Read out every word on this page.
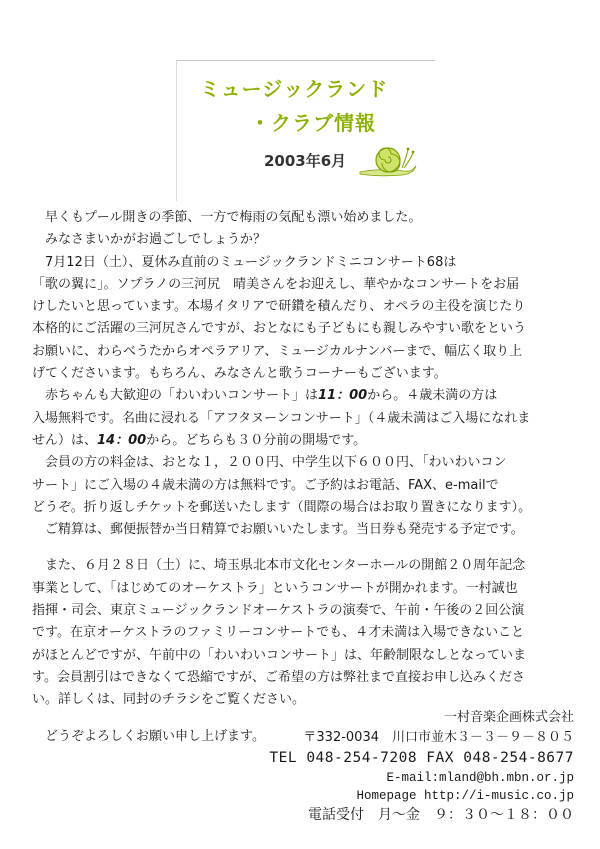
ミュージックランド
・クラブ情報
2003年6月
早くもプール開きの季節、一方で梅雨の気配も漂い始めました。
みなさまいかがお過ごしでしょうか？
7月12日（土）、夏休み直前のミュージックランドミニコンサート68は
「歌の翼に」。ソプラノの三河尻　晴美さんをお迎えし、華やかなコンサートをお届
けしたいと思っています。本場イタリアで研鑽を積んだり、オペラの主役を演じたり
本格的にご活躍の三河尻さんですが、おとなにも子どもにも親しみやすい歌をという
お願いに、わらべうたからオペラアリア、ミュージカルナンバーまで、幅広く取り上
げてくださいます。もちろん、みなさんと歌うコーナーもございます。
赤ちゃんも大歓迎の「わいわいコンサート」は11：00から。４歳未満の方は
入場無料です。名曲に浸れる「アフタヌーンコンサート」（４歳未満はご入場になれま
せん）は、14：00から。どちらも３０分前の開場です。
会員の方の料金は、おとな１，２００円、中学生以下６００円、「わいわいコン
サート」にご入場の４歳未満の方は無料です。ご予約はお電話、FAX、e-mailで
どうぞ。折り返しチケットを郵送いたします（間際の場合はお取り置きになります）。
ご精算は、郵便振替か当日精算でお願いいたします。当日券も発売する予定です。
また、６月２８日（土）に、埼玉県北本市文化センターホールの開館２０周年記念
事業として、「はじめてのオーケストラ」というコンサートが開かれます。一村誠也
指揮・司会、東京ミュージックランドオーケストラの演奏で、午前・午後の２回公演
です。在京オーケストラのファミリーコンサートでも、４才未満は入場できないこと
がほとんどですが、午前中の「わいわいコンサート」は、年齢制限なしとなっていま
す。会員割引はできなくて恐縮ですが、ご希望の方は弊社まで直接お申し込みくださ
い。詳しくは、同封のチラシをご覧ください。
どうぞよろしくお願い申し上げます。
一村音楽企画株式会社
〒332-0034　川口市並木３－３－９－８０５
TEL 048-254-7208 FAX 048-254-8677
E-mail:mland@bh.mbn.or.jp
Homepage http://i-music.co.jp
電話受付　月～金　９：３０～１８：００
